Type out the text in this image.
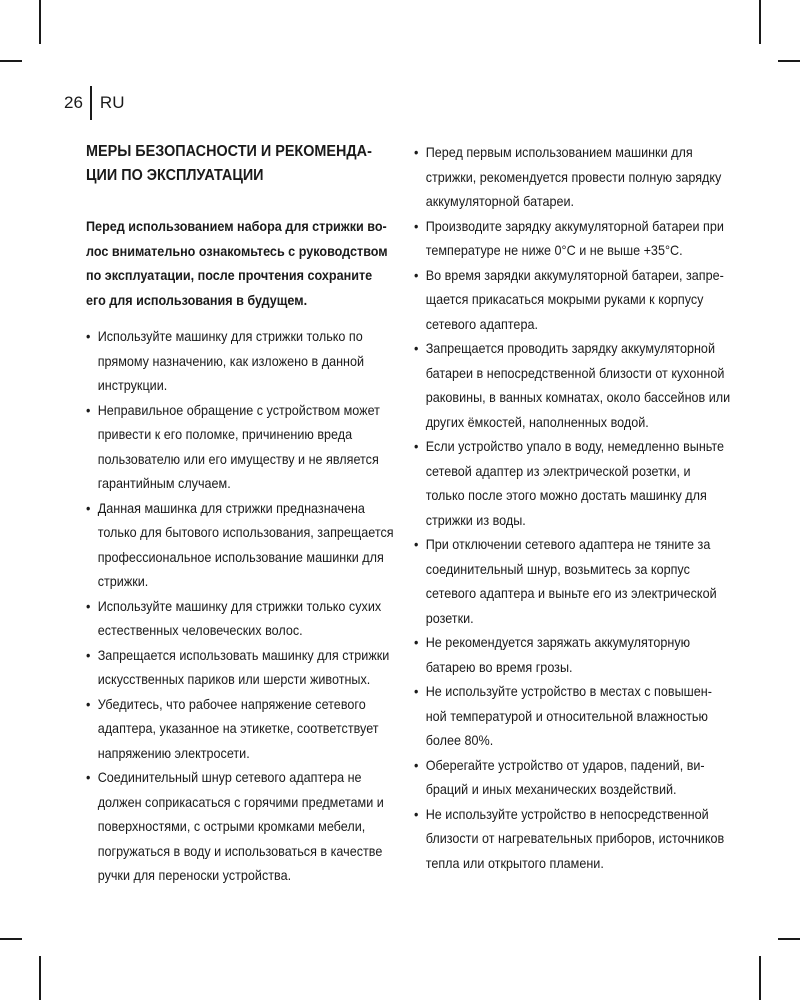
26	RU
МЕРЫ БЕЗОПАСНОСТИ И РЕКОМЕНДА-ЦИИ ПО ЭКСПЛУАТАЦИИ

Перед использованием набора для стрижки во-лос внимательно ознакомьтесь с руководством по эксплуатации, после прочтения сохраните его для использования в будущем.

• Используйте машинку для стрижки только по прямому назначению, как изложено в данной инструкции.
• Неправильное обращение с устройством может привести к его поломке, причинению вреда пользователю или его имуществу и не является гарантийным случаем.
• Данная машинка для стрижки предназначена только для бытового использования, запрещается профессиональное использование машинки для стрижки.
• Используйте машинку для стрижки только сухих естественных человеческих волос.
• Запрещается использовать машинку для стрижки искусственных париков или шерсти животных.
• Убедитесь, что рабочее напряжение сетевого адаптера, указанное на этикетке, соответствует напряжению электросети.
• Соединительный шнур сетевого адаптера не должен соприкасаться с горячими предметами и поверхностями, с острыми кромками мебели, погружаться в воду и использоваться в качестве ручки для переноски устройства.
• Перед первым использованием машинки для стрижки, рекомендуется провести полную зарядку аккумуляторной батареи.
• Производите зарядку аккумуляторной батареи при температуре не ниже 0°C и не выше +35°C.
• Во время зарядки аккумуляторной батареи, запре-щается прикасаться мокрыми руками к корпусу сетевого адаптера.
• Запрещается проводить зарядку аккумуляторной батареи в непосредственной близости от кухонной раковины, в ванных комнатах, около бассейнов или других ёмкостей, наполненных водой.
• Если устройство упало в воду, немедленно выньте сетевой адаптер из электрической розетки, и только после этого можно достать машинку для стрижки из воды.
• При отключении сетевого адаптера не тяните за соединительный шнур, возьмитесь за корпус сетевого адаптера и выньте его из электрической розетки.
• Не рекомендуется заряжать аккумуляторную батарею во время грозы.
• Не используйте устройство в местах с повышен-ной температурой и относительной влажностью более 80%.
• Оберегайте устройство от ударов, падений, ви-браций и иных механических воздействий.
• Не используйте устройство в непосредственной близости от нагревательных приборов, источников тепла или открытого пламени.
